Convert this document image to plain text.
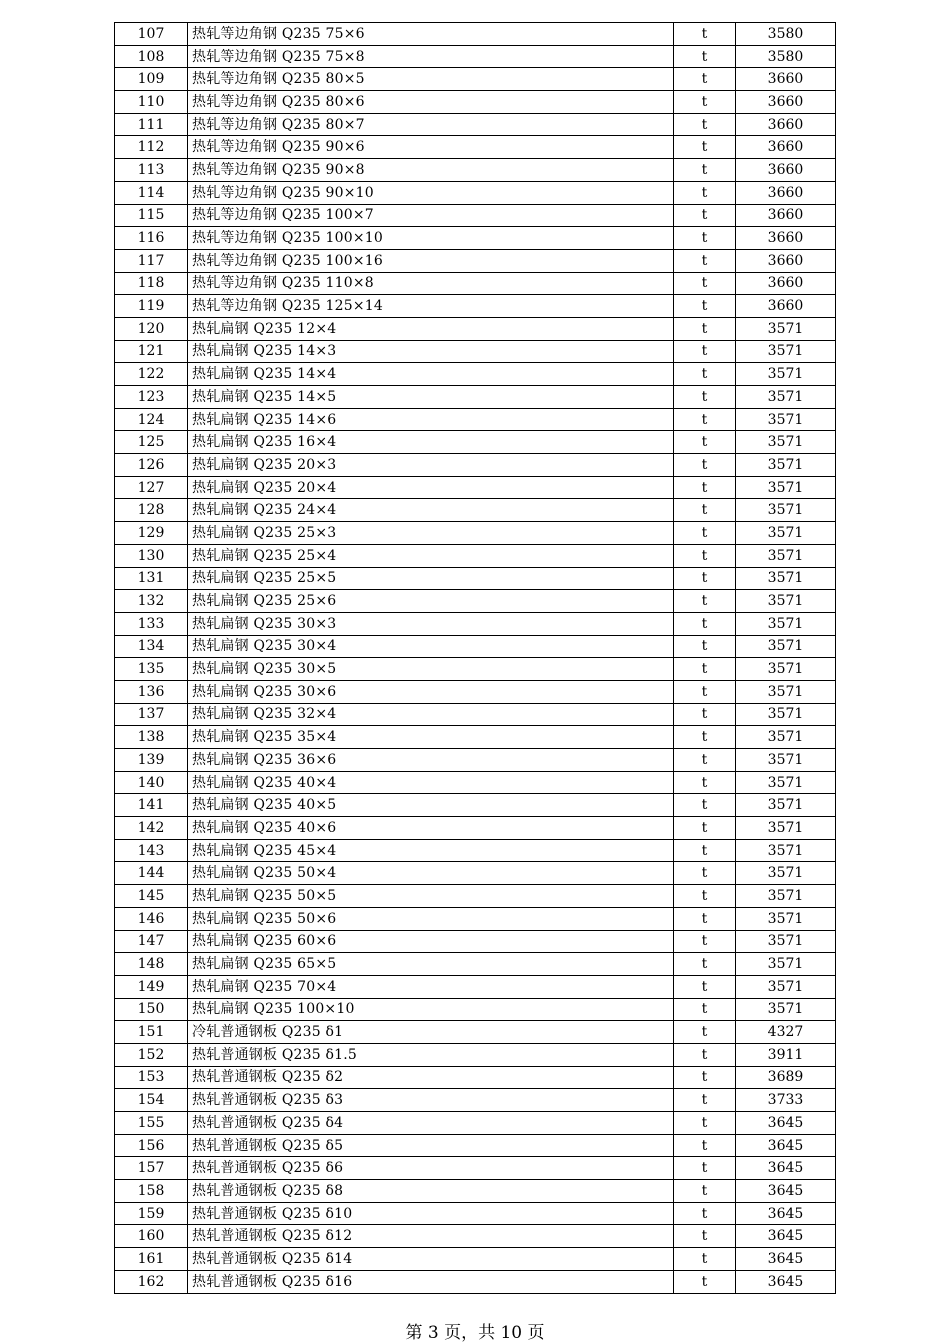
107	热轧等边角钢 Q235 75×6	t	3580
108	热轧等边角钢 Q235 75×8	t	3580
109	热轧等边角钢 Q235 80×5	t	3660
110	热轧等边角钢 Q235 80×6	t	3660
111	热轧等边角钢 Q235 80×7	t	3660
112	热轧等边角钢 Q235 90×6	t	3660
113	热轧等边角钢 Q235 90×8	t	3660
114	热轧等边角钢 Q235 90×10	t	3660
115	热轧等边角钢 Q235 100×7	t	3660
116	热轧等边角钢 Q235 100×10	t	3660
117	热轧等边角钢 Q235 100×16	t	3660
118	热轧等边角钢 Q235 110×8	t	3660
119	热轧等边角钢 Q235 125×14	t	3660
120	热轧扁钢 Q235 12×4	t	3571
121	热轧扁钢 Q235 14×3	t	3571
122	热轧扁钢 Q235 14×4	t	3571
123	热轧扁钢 Q235 14×5	t	3571
124	热轧扁钢 Q235 14×6	t	3571
125	热轧扁钢 Q235 16×4	t	3571
126	热轧扁钢 Q235 20×3	t	3571
127	热轧扁钢 Q235 20×4	t	3571
128	热轧扁钢 Q235 24×4	t	3571
129	热轧扁钢 Q235 25×3	t	3571
130	热轧扁钢 Q235 25×4	t	3571
131	热轧扁钢 Q235 25×5	t	3571
132	热轧扁钢 Q235 25×6	t	3571
133	热轧扁钢 Q235 30×3	t	3571
134	热轧扁钢 Q235 30×4	t	3571
135	热轧扁钢 Q235 30×5	t	3571
136	热轧扁钢 Q235 30×6	t	3571
137	热轧扁钢 Q235 32×4	t	3571
138	热轧扁钢 Q235 35×4	t	3571
139	热轧扁钢 Q235 36×6	t	3571
140	热轧扁钢 Q235 40×4	t	3571
141	热轧扁钢 Q235 40×5	t	3571
142	热轧扁钢 Q235 40×6	t	3571
143	热轧扁钢 Q235 45×4	t	3571
144	热轧扁钢 Q235 50×4	t	3571
145	热轧扁钢 Q235 50×5	t	3571
146	热轧扁钢 Q235 50×6	t	3571
147	热轧扁钢 Q235 60×6	t	3571
148	热轧扁钢 Q235 65×5	t	3571
149	热轧扁钢 Q235 70×4	t	3571
150	热轧扁钢 Q235 100×10	t	3571
151	冷轧普通钢板 Q235 δ1	t	4327
152	热轧普通钢板 Q235 δ1.5	t	3911
153	热轧普通钢板 Q235 δ2	t	3689
154	热轧普通钢板 Q235 δ3	t	3733
155	热轧普通钢板 Q235 δ4	t	3645
156	热轧普通钢板 Q235 δ5	t	3645
157	热轧普通钢板 Q235 δ6	t	3645
158	热轧普通钢板 Q235 δ8	t	3645
159	热轧普通钢板 Q235 δ10	t	3645
160	热轧普通钢板 Q235 δ12	t	3645
161	热轧普通钢板 Q235 δ14	t	3645
162	热轧普通钢板 Q235 δ16	t	3645
第 3 页，共 10 页
